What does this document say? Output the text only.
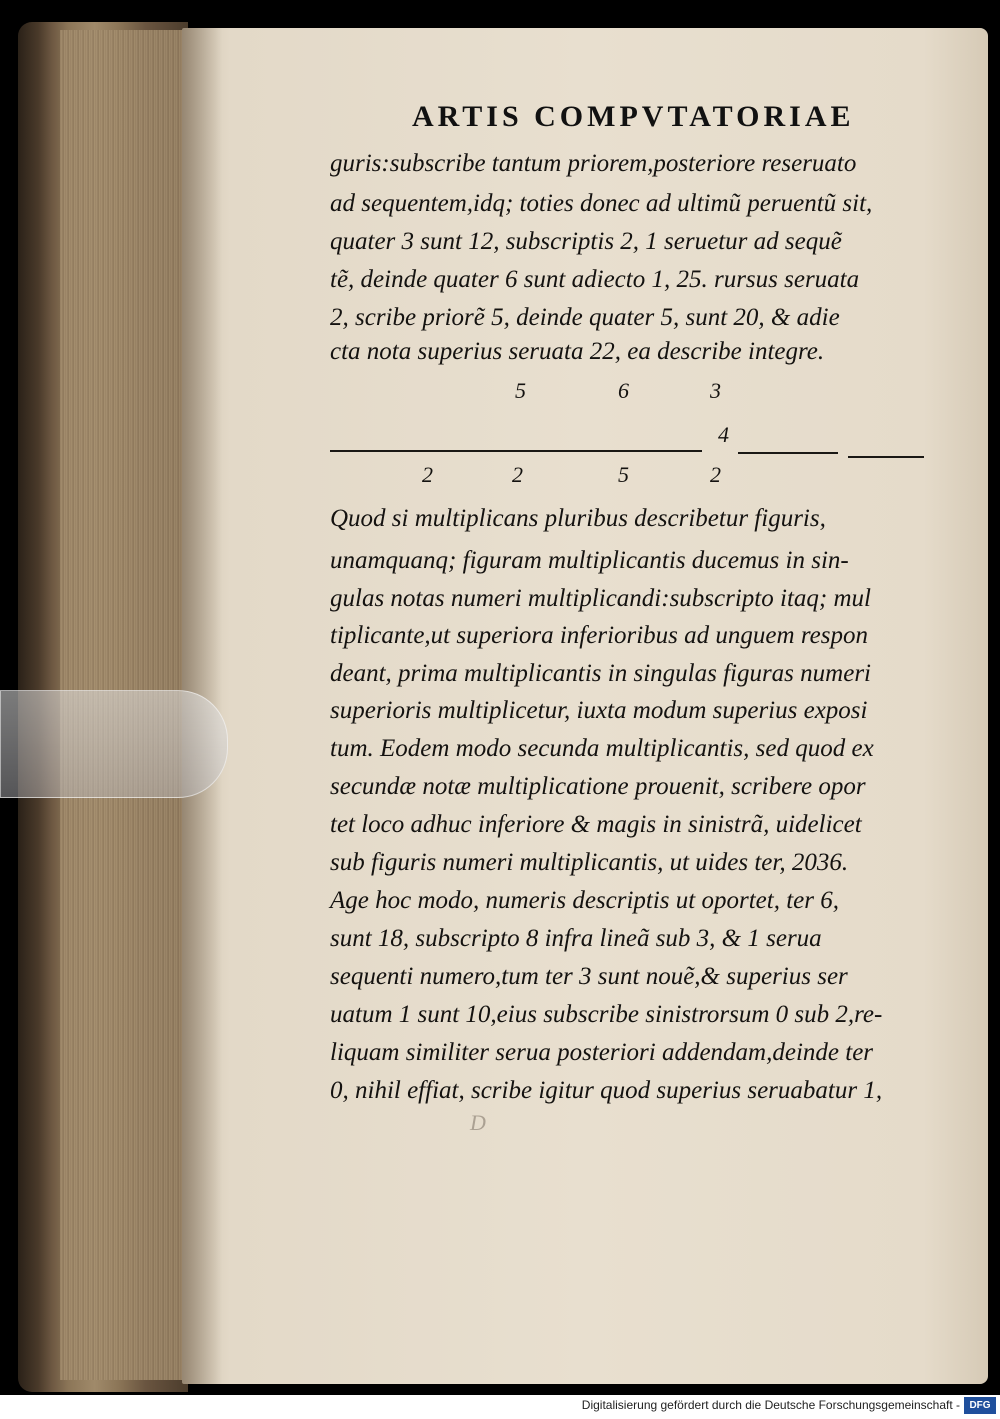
ARTIS COMPVTATORIAE
guris:subscribe tantum priorem,posteriore reseruato
ad sequentem,idq; toties donec ad ultimũ peruentũ sit,
quater 3 sunt 12, subscriptis 2, 1 seruetur ad sequẽ
tẽ, deinde quater 6 sunt adiecto 1, 25. rursus seruata
2, scribe priorẽ 5, deinde quater 5, sunt 20, & adie
cta nota superius seruata 22, ea describe integre.
5	6	3
4
2	2	5	2
Quod si multiplicans pluribus describetur figuris,
unamquanq; figuram multiplicantis ducemus in sin-
gulas notas numeri multiplicandi:subscripto itaq; mul
tiplicante,ut superiora inferioribus ad unguem respon
deant, prima multiplicantis in singulas figuras numeri
superioris multiplicetur, iuxta modum superius exposi
tum. Eodem modo secunda multiplicantis, sed quod ex
secundæ notæ multiplicatione prouenit, scribere opor
tet loco adhuc inferiore & magis in sinistrã, uidelicet
sub figuris numeri multiplicantis, ut uides ter, 2036.
Age hoc modo, numeris descriptis ut oportet, ter 6,
sunt 18, subscripto 8 infra lineã sub 3, & 1 serua
sequenti numero,tum ter 3 sunt nouẽ,& superius ser
uatum 1 sunt 10,eius subscribe sinistrorsum 0 sub 2,re-
liquam similiter serua posteriori addendam,deinde ter
0, nihil effiat, scribe igitur quod superius seruabatur 1,
D
Digitalisierung gefördert durch die Deutsche Forschungsgemeinschaft - DFG
